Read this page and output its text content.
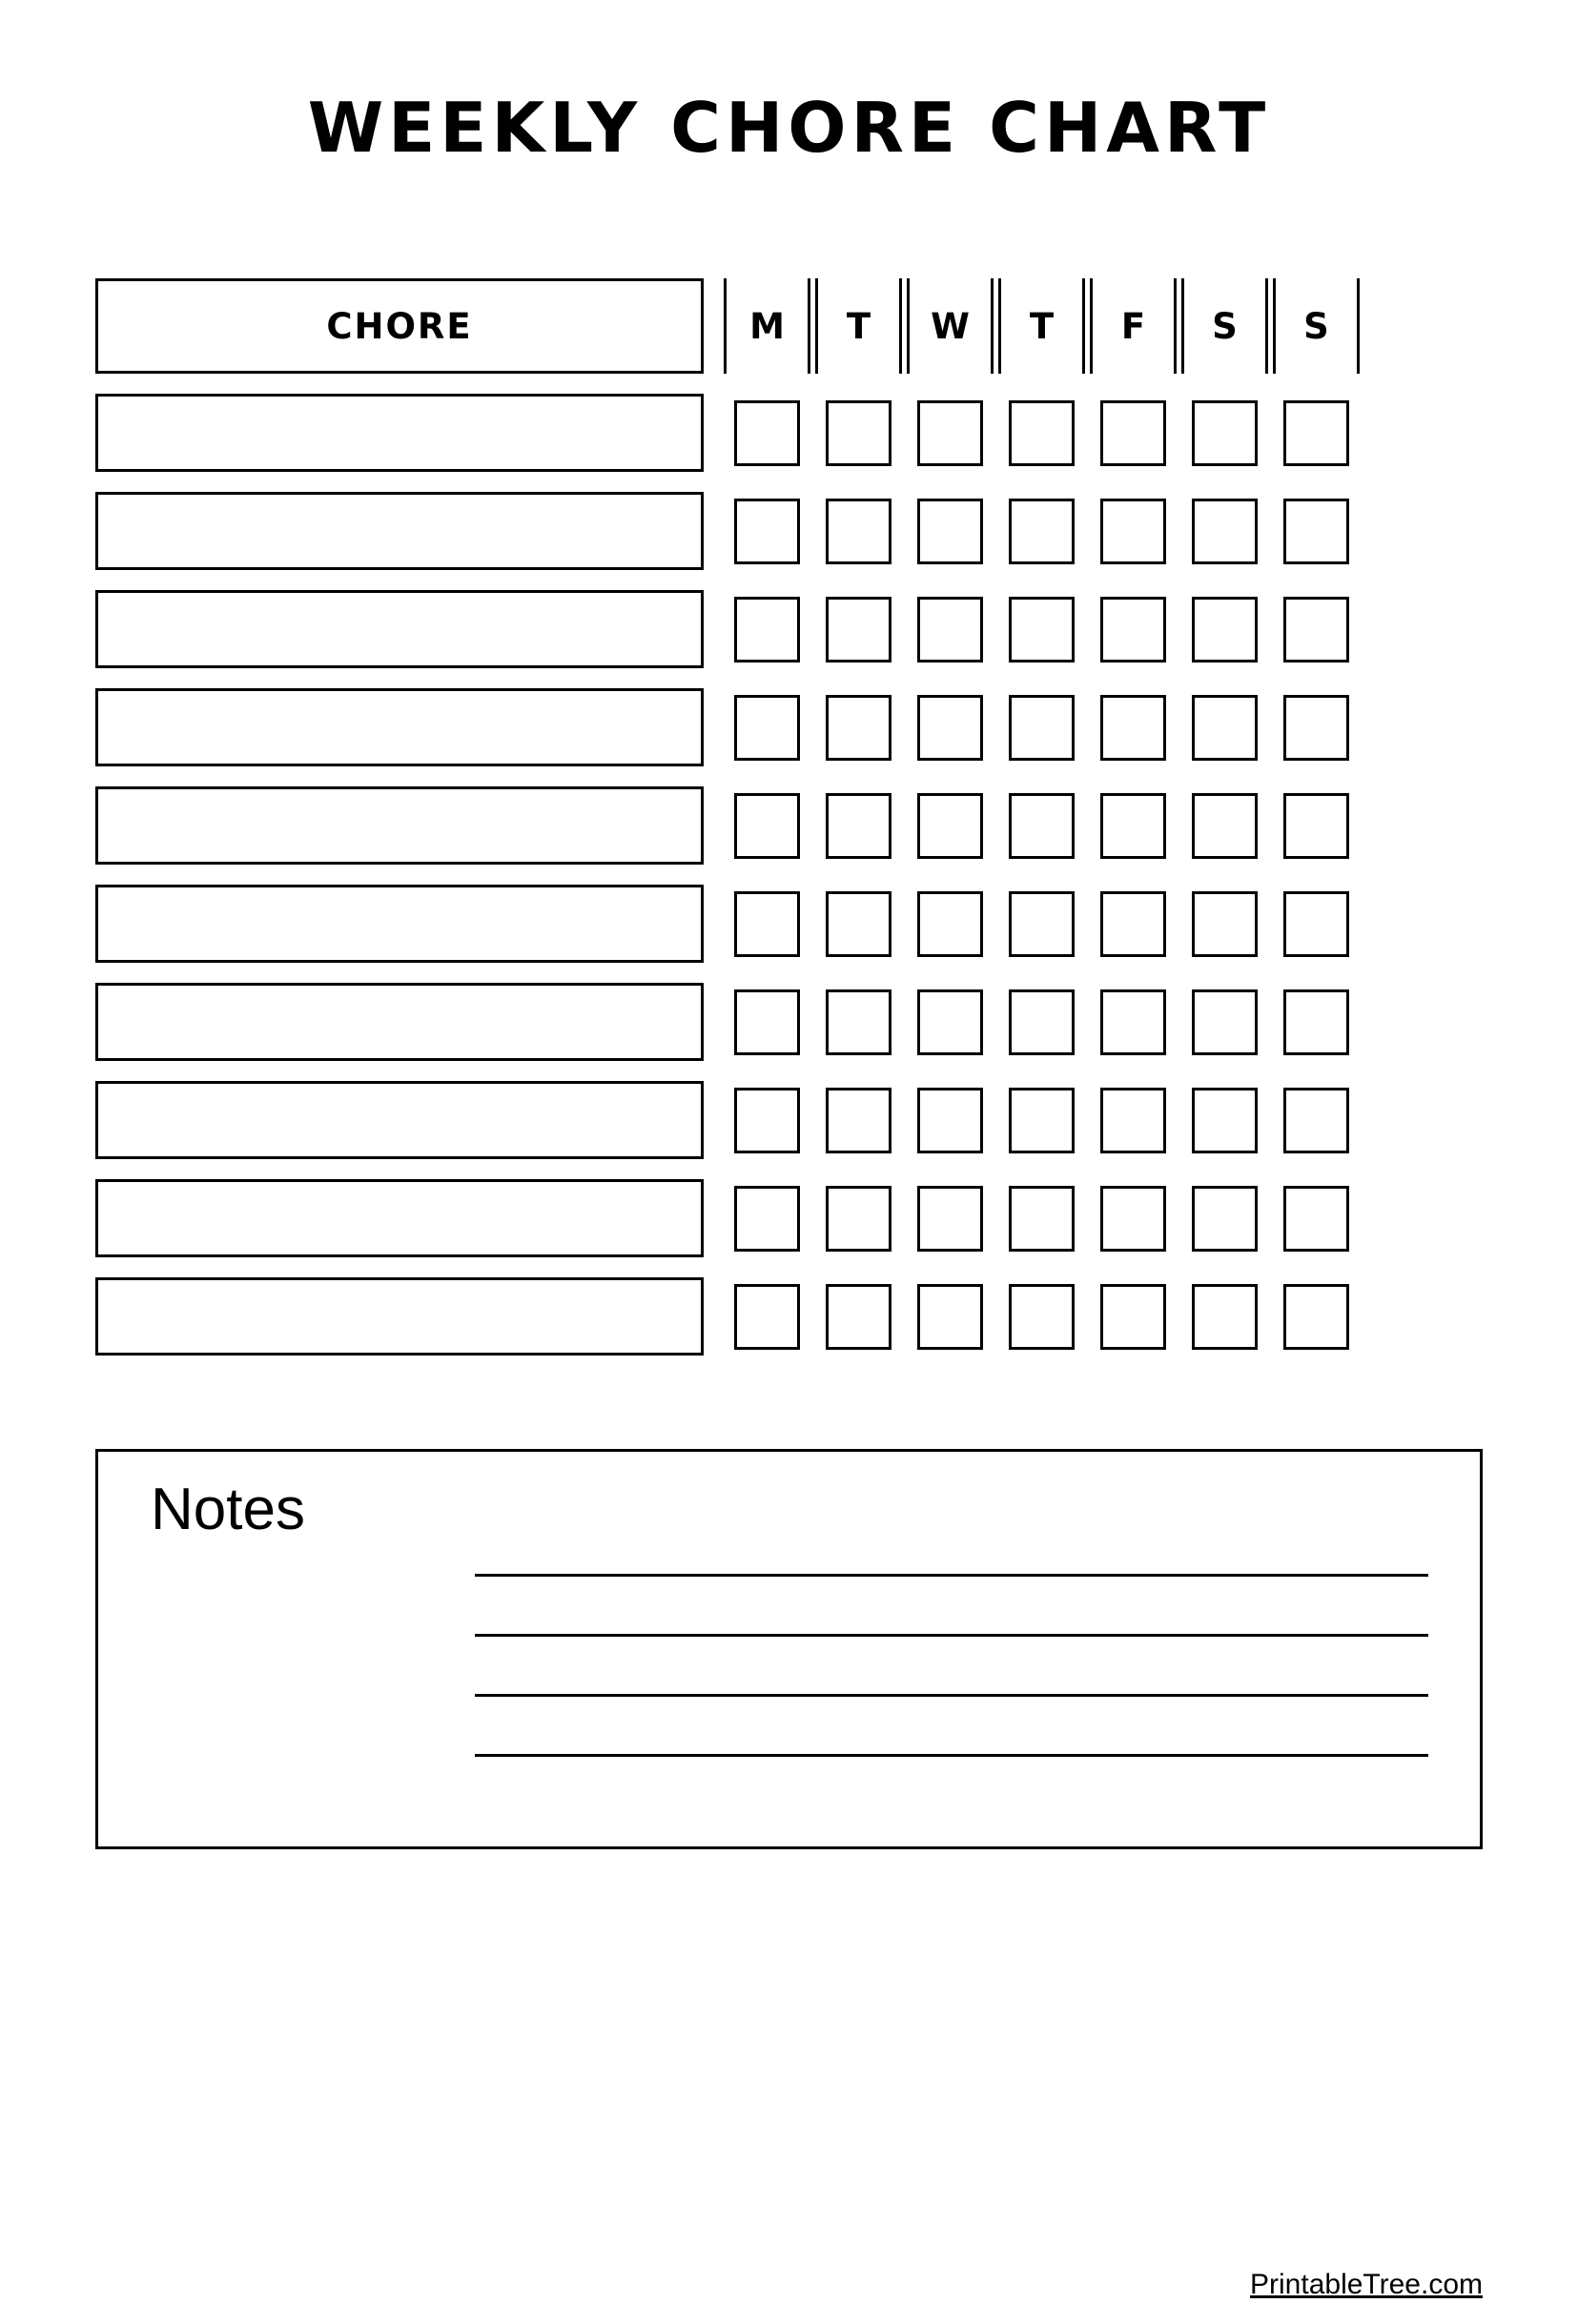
WEEKLY CHORE CHART
CHORE	M	T	W	T	F	S	S
Notes
PrintableTree.com
